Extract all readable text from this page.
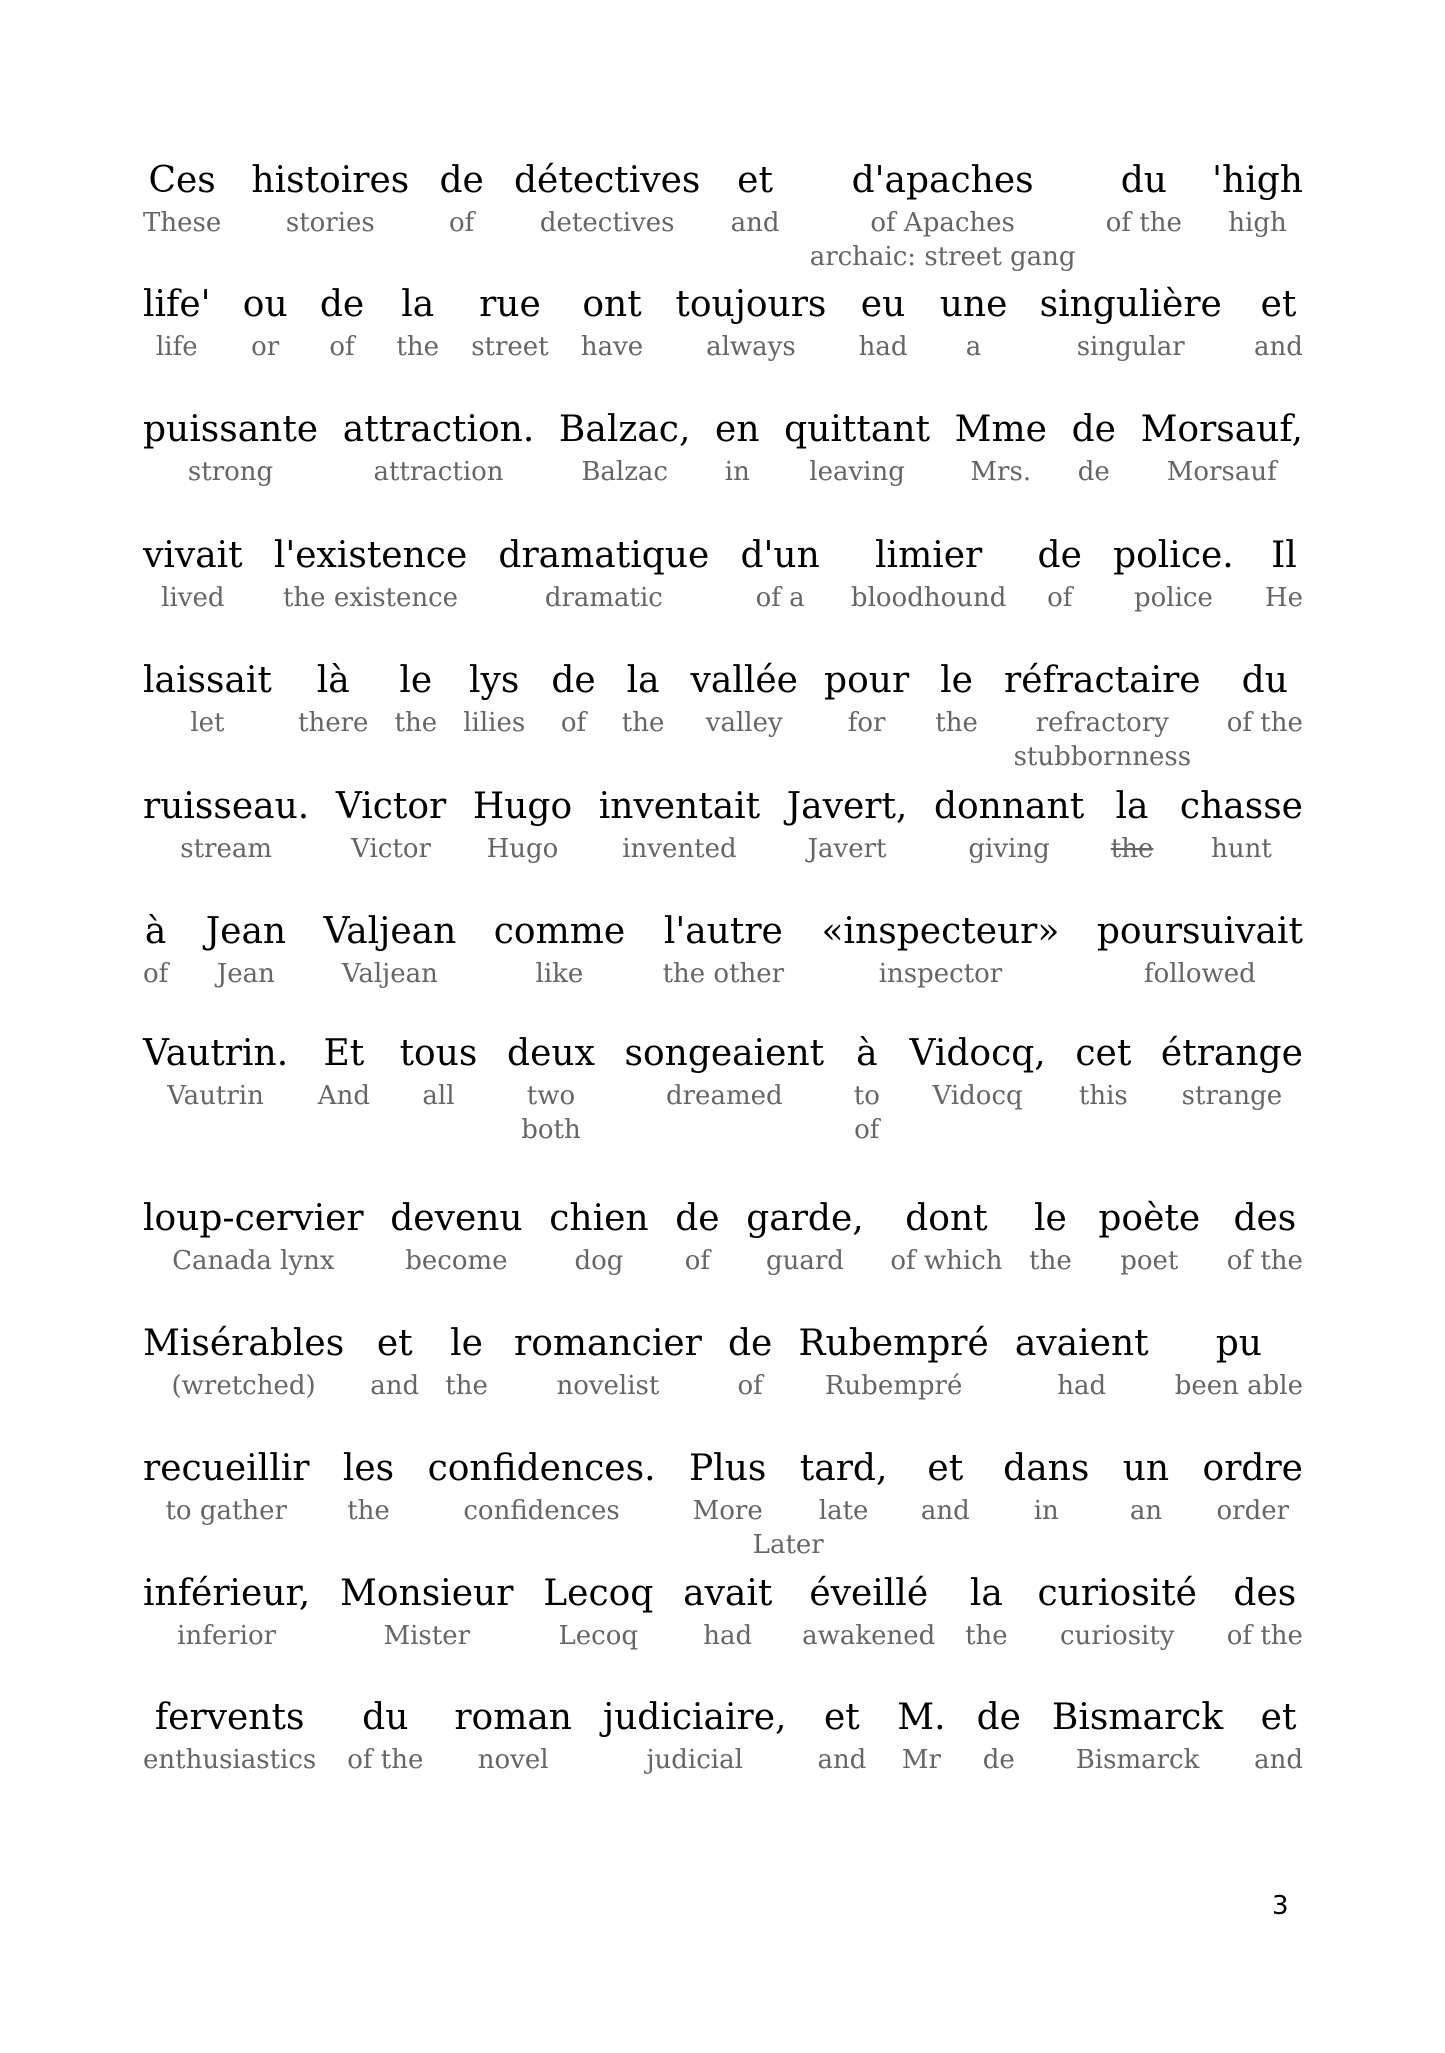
Ces
These
histoires
stories
de
of
détectives
detectives
et
and
d'apaches
of Apaches
archaic: street gang
du
of the
'high
high
life'
life
ou
or
de
of
la
the
rue
street
ont
have
toujours
always
eu
had
une
a
singulière
singular
et
and
puissante
strong
attraction.
attraction
Balzac,
Balzac
en
in
quittant
leaving
Mme
Mrs.
de
de
Morsauf,
Morsauf
vivait
lived
l'existence
the existence
dramatique
dramatic
d'un
of a
limier
bloodhound
de
of
police.
police
Il
He
laissait
let
là
there
le
the
lys
lilies
de
of
la
the
vallée
valley
pour
for
le
the
réfractaire
refractory
stubbornness
du
of the
ruisseau.
stream
Victor
Victor
Hugo
Hugo
inventait
invented
Javert,
Javert
donnant
giving
la
the
chasse
hunt
à
of
Jean
Jean
Valjean
Valjean
comme
like
l'autre
the other
«inspecteur»
inspector
poursuivait
followed
Vautrin.
Vautrin
Et
And
tous
all
deux
two
both
songeaient
dreamed
à
to
of
Vidocq,
Vidocq
cet
this
étrange
strange
loup-cervier
Canada lynx
devenu
become
chien
dog
de
of
garde,
guard
dont
of which
le
the
poète
poet
des
of the
Misérables
(wretched)
et
and
le
the
romancier
novelist
de
of
Rubempré
Rubempré
avaient
had
pu
been able
recueillir
to gather
les
the
confidences.
confidences
Plus
More
tard,
late
et
and
dans
in
un
an
ordre
order
Later
inférieur,
inferior
Monsieur
Mister
Lecoq
Lecoq
avait
had
éveillé
awakened
la
the
curiosité
curiosity
des
of the
fervents
enthusiastics
du
of the
roman
novel
judiciaire,
judicial
et
and
M.
Mr
de
de
Bismarck
Bismarck
et
and
3
